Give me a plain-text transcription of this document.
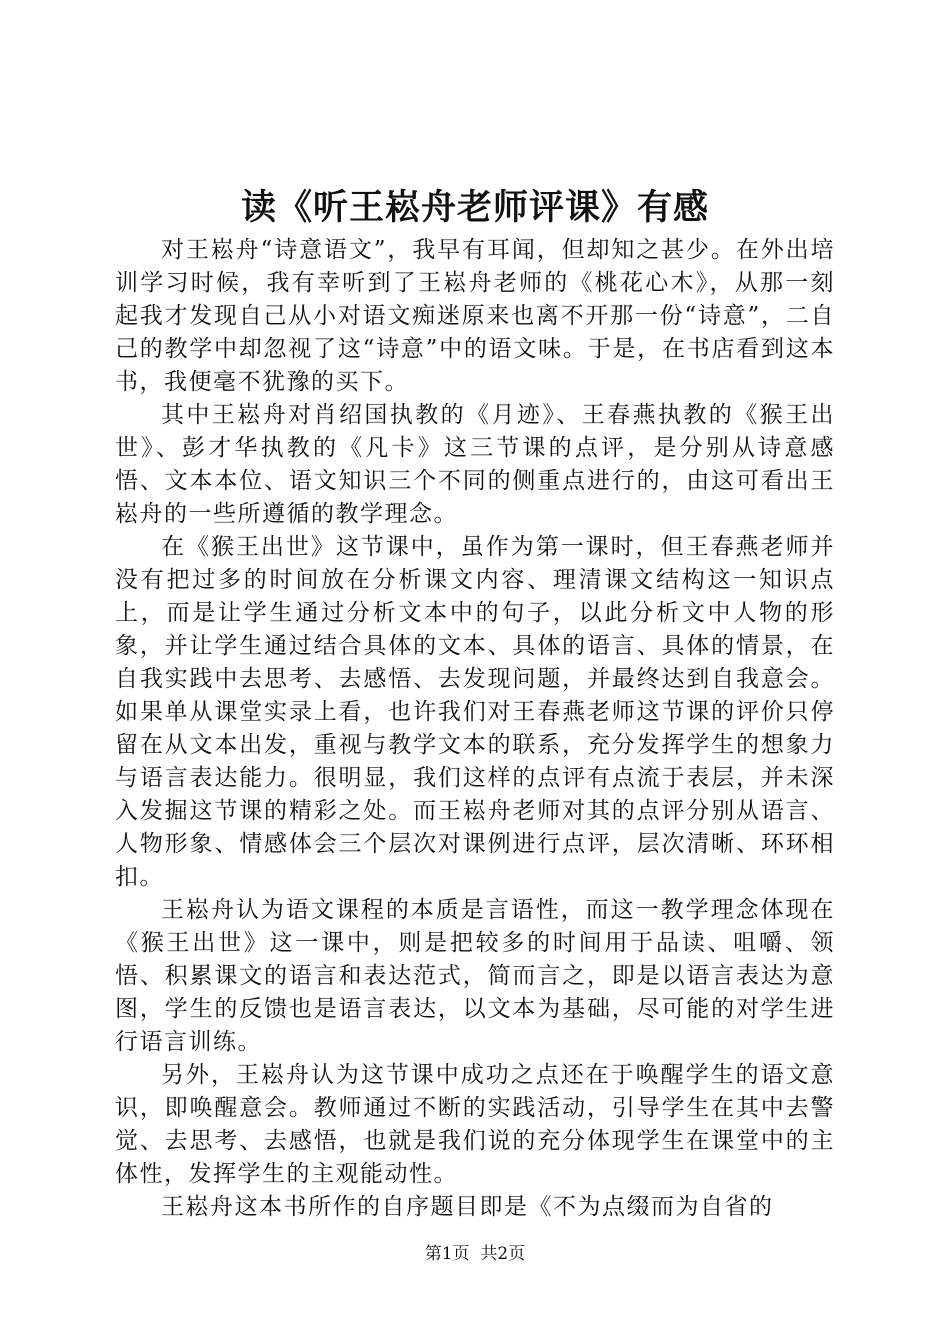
读《听王崧舟老师评课》有感

对王崧舟“诗意语文”，我早有耳闻，但却知之甚少。在外出培训学习时候，我有幸听到了王崧舟老师的《桃花心木》，从那一刻起我才发现自己从小对语文痴迷原来也离不开那一份“诗意”，二自己的教学中却忽视了这“诗意”中的语文味。于是，在书店看到这本书，我便毫不犹豫的买下。

其中王崧舟对肖绍国执教的《月迹》、王春燕执教的《猴王出世》、彭才华执教的《凡卡》这三节课的点评，是分别从诗意感悟、文本本位、语文知识三个不同的侧重点进行的，由这可看出王崧舟的一些所遵循的教学理念。

在《猴王出世》这节课中，虽作为第一课时，但王春燕老师并没有把过多的时间放在分析课文内容、理清课文结构这一知识点上，而是让学生通过分析文本中的句子，以此分析文中人物的形象，并让学生通过结合具体的文本、具体的语言、具体的情景，在自我实践中去思考、去感悟、去发现问题，并最终达到自我意会。如果单从课堂实录上看，也许我们对王春燕老师这节课的评价只停留在从文本出发，重视与教学文本的联系，充分发挥学生的想象力与语言表达能力。很明显，我们这样的点评有点流于表层，并未深入发掘这节课的精彩之处。而王崧舟老师对其的点评分别从语言、人物形象、情感体会三个层次对课例进行点评，层次清晰、环环相扣。

王崧舟认为语文课程的本质是言语性，而这一教学理念体现在《猴王出世》这一课中，则是把较多的时间用于品读、咀嚼、领悟、积累课文的语言和表达范式，简而言之，即是以语言表达为意图，学生的反馈也是语言表达，以文本为基础，尽可能的对学生进行语言训练。

另外，王崧舟认为这节课中成功之点还在于唤醒学生的语文意识，即唤醒意会。教师通过不断的实践活动，引导学生在其中去警觉、去思考、去感悟，也就是我们说的充分体现学生在课堂中的主体性，发挥学生的主观能动性。

王崧舟这本书所作的自序题目即是《不为点缀而为自省的

第1页 共2页
